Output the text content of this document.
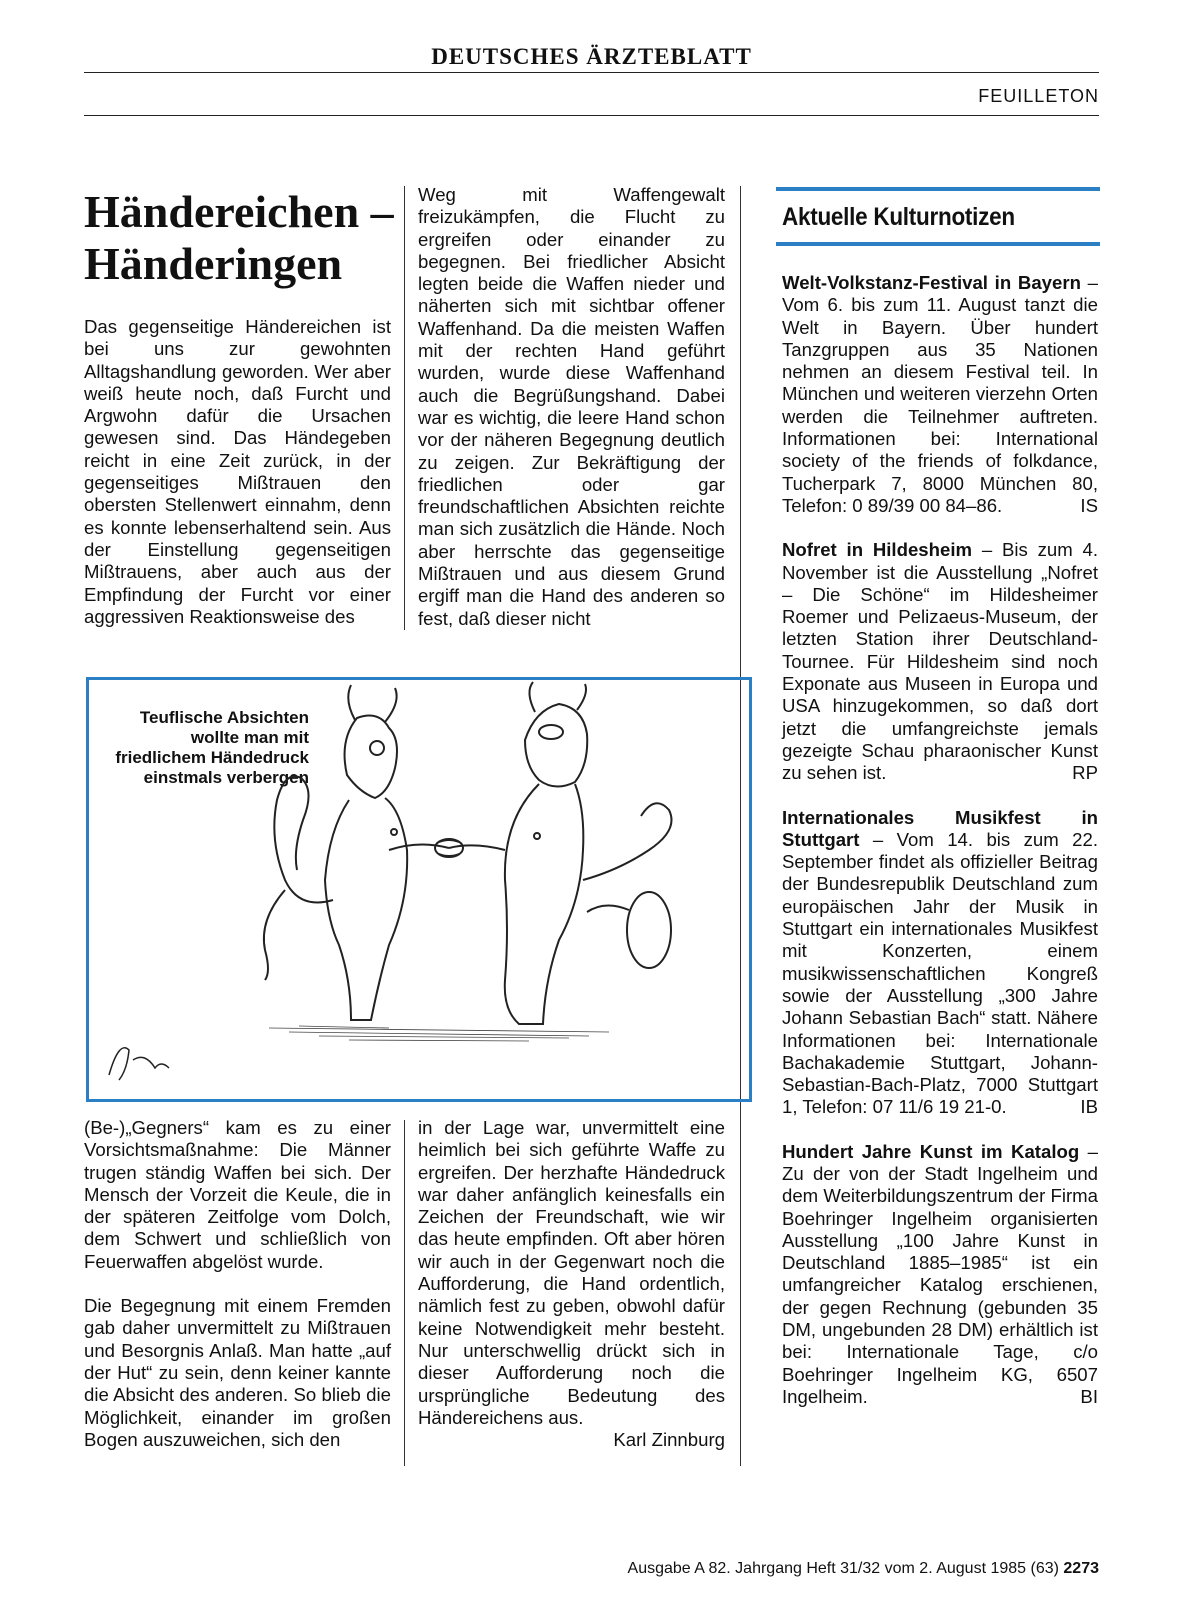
DEUTSCHES ÄRZTEBLATT
FEUILLETON
Händereichen –
Händeringen

Das gegenseitige Händereichen ist bei uns zur gewohnten Alltagshandlung geworden. Wer aber weiß heute noch, daß Furcht und Argwohn dafür die Ursachen gewesen sind. Das Händegeben reicht in eine Zeit zurück, in der gegenseitiges Mißtrauen den obersten Stellenwert einnahm, denn es konnte lebenserhaltend sein. Aus der Einstellung gegenseitigen Mißtrauens, aber auch aus der Empfindung der Furcht vor einer aggressiven Reaktionsweise des

Weg mit Waffengewalt freizukämpfen, die Flucht zu ergreifen oder einander zu begegnen. Bei friedlicher Absicht legten beide die Waffen nieder und näherten sich mit sichtbar offener Waffenhand. Da die meisten Waffen mit der rechten Hand geführt wurden, wurde diese Waffenhand auch die Begrüßungshand. Dabei war es wichtig, die leere Hand schon vor der näheren Begegnung deutlich zu zeigen. Zur Bekräftigung der friedlichen oder gar freundschaftlichen Absichten reichte man sich zusätzlich die Hände. Noch aber herrschte das gegenseitige Mißtrauen und aus diesem Grund ergiff man die Hand des anderen so fest, daß dieser nicht

Teuflische Absichten wollte man mit friedlichem Händedruck einstmals verbergen

(Be-)„Gegners“ kam es zu einer Vorsichtsmaßnahme: Die Männer trugen ständig Waffen bei sich. Der Mensch der Vorzeit die Keule, die in der späteren Zeitfolge vom Dolch, dem Schwert und schließlich von Feuerwaffen abgelöst wurde.

Die Begegnung mit einem Fremden gab daher unvermittelt zu Mißtrauen und Besorgnis Anlaß. Man hatte „auf der Hut“ zu sein, denn keiner kannte die Absicht des anderen. So blieb die Möglichkeit, einander im großen Bogen auszuweichen, sich den

in der Lage war, unvermittelt eine heimlich bei sich geführte Waffe zu ergreifen. Der herzhafte Händedruck war daher anfänglich keinesfalls ein Zeichen der Freundschaft, wie wir das heute empfinden. Oft aber hören wir auch in der Gegenwart noch die Aufforderung, die Hand ordentlich, nämlich fest zu geben, obwohl dafür keine Notwendigkeit mehr besteht. Nur unterschwellig drückt sich in dieser Aufforderung noch die ursprüngliche Bedeutung des Händereichens aus.

Karl Zinnburg
Aktuelle Kulturnotizen
Welt-Volkstanz-Festival in Bayern – Vom 6. bis zum 11. August tanzt die Welt in Bayern. Über hundert Tanzgruppen aus 35 Nationen nehmen an diesem Festival teil. In München und weiteren vierzehn Orten werden die Teilnehmer auftreten. Informationen bei: International society of the friends of folkdance, Tucherpark 7, 8000 München 80, Telefon: 0 89/39 00 84–86.	IS
Nofret in Hildesheim – Bis zum 4. November ist die Ausstellung „Nofret – Die Schöne“ im Hildesheimer Roemer und Pelizaeus-Museum, der letzten Station ihrer Deutschland-Tournee. Für Hildesheim sind noch Exponate aus Museen in Europa und USA hinzugekommen, so daß dort jetzt die umfangreichste jemals gezeigte Schau pharaonischer Kunst zu sehen ist.	RP
Internationales Musikfest in Stuttgart – Vom 14. bis zum 22. September findet als offizieller Beitrag der Bundesrepublik Deutschland zum europäischen Jahr der Musik in Stuttgart ein internationales Musikfest mit Konzerten, einem musikwissenschaftlichen Kongreß sowie der Ausstellung „300 Jahre Johann Sebastian Bach“ statt. Nähere Informationen bei: Internationale Bachakademie Stuttgart, Johann-Sebastian-Bach-Platz, 7000 Stuttgart 1, Telefon: 07 11/6 19 21-0.	IB
Hundert Jahre Kunst im Katalog – Zu der von der Stadt Ingelheim und dem Weiterbildungszentrum der Firma Boehringer Ingelheim organisierten Ausstellung „100 Jahre Kunst in Deutschland 1885–1985“ ist ein umfangreicher Katalog erschienen, der gegen Rechnung (gebunden 35 DM, ungebunden 28 DM) erhältlich ist bei: Internationale Tage, c/o Boehringer Ingelheim KG, 6507 Ingelheim.	BI
Ausgabe A 82. Jahrgang Heft 31/32 vom 2. August 1985 (63) 2273
